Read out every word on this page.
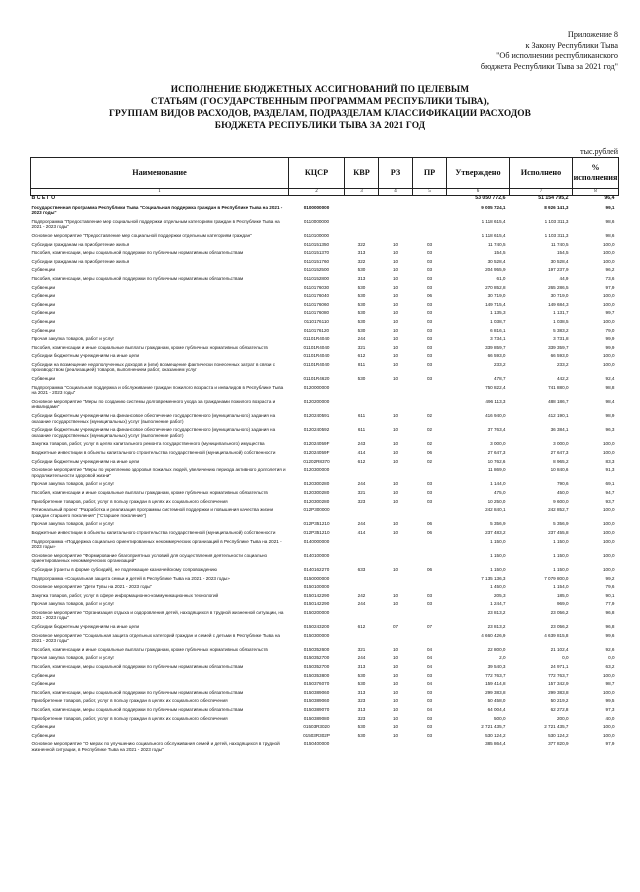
Приложение 8
к Закону Республики Тыва
"Об исполнении республиканского
бюджета Республики Тыва за 2021 год"
ИСПОЛНЕНИЕ БЮДЖЕТНЫХ АССИГНОВАНИЙ ПО ЦЕЛЕВЫМ
СТАТЬЯМ (ГОСУДАРСТВЕННЫМ ПРОГРАММАМ РЕСПУБЛИКИ ТЫВА),
ГРУППАМ ВИДОВ РАСХОДОВ, РАЗДЕЛАМ, ПОДРАЗДЕЛАМ КЛАССИФИКАЦИИ РАСХОДОВ
БЮДЖЕТА РЕСПУБЛИКИ ТЫВА ЗА 2021 ГОД
тыс.рублей
Наименование	КЦСР	КВР	РЗ	ПР	Утверждено	Исполнено	% исполнения
1	2	3	4	5	6	7	8
В С Е Г О					53 050 772,6	51 154 795,2	96,4

Государственная программа Республики Тыва "Социальная поддержка граждан в Республике Тыва на 2021 - 2023 годы"	0100000000				9 005 724,1	8 926 141,3	99,1

Подпрограмма "Предоставление мер социальной поддержки отдельным категориям граждан в Республике Тыва на 2021 - 2023 годы"	0110000000				1 118 615,4	1 103 311,3	98,6

Основное мероприятие "Предоставление мер социальной поддержки отдельным категориям граждан"	0110100000				1 118 615,4	1 103 311,3	98,6

Субсидии гражданам на приобретение жилья	0110151350	322	10	03	11 740,5	11 740,5	100,0

Пособия, компенсации, меры социальной поддержки по публичным нормативным обязательствам	0110151370	313	10	03	154,5	154,5	100,0

Субсидии гражданам на приобретение жилья	0110151760	322	10	03	30 528,4	30 528,4	100,0

Субвенции	0110152500	530	10	03	204 955,9	197 237,9	96,2

Пособия, компенсации, меры социальной поддержки по публичным нормативным обязательствам	0110152800	313	10	03	61,0	44,9	73,6

Субвенции	0110176030	530	10	03	270 852,8	265 286,5	97,9

Субвенции	0110176040	530	10	06	30 719,0	30 719,0	100,0

Субвенции	0110176060	530	10	03	149 715,4	149 684,3	100,0

Субвенции	0110176080	530	10	03	1 135,3	1 131,7	99,7

Субвенции	0110176110	530	10	03	1 038,7	1 038,5	100,0

Субвенции	0110176120	530	10	03	6 816,1	5 383,2	79,0

Прочая закупка товаров, работ и услуг	01101R4040	244	10	03	3 734,1	3 731,8	99,9

Пособия, компенсации и иные социальные выплаты гражданам, кроме публичных нормативных обязательств	01101R4040	321	10	03	339 859,7	339 359,7	99,9

Субсидии бюджетным учреждениям на иные цели	01101R4040	612	10	03	66 593,0	66 593,0	100,0

Субсидии на возмещение недополученных доходов и (или) возмещение фактически понесенных затрат в связи с производством (реализацией) товаров, выполнением работ, оказанием услуг	01101R4040	811	10	03	233,2	233,2	100,0

Субвенции	01101R4620	530	10	03	478,7	442,2	92,4

Подпрограмма "Социальная поддержка и обслуживание граждан пожилого возраста и инвалидов в Республике Тыва на 2021 - 2023 годы"	0120000000				750 822,4	741 880,0	98,8

Основное мероприятие "Меры по созданию системы долговременного ухода за гражданами пожилого возраста и инвалидами"	0120200000				496 113,3	488 186,7	98,4

Субсидии бюджетным учреждениям на финансовое обеспечение государственного (муниципального) задания на оказание государственных (муниципальных) услуг (выполнение работ)	0120240591	611	10	02	416 940,0	412 190,1	98,9

Субсидии бюджетным учреждениям на финансовое обеспечение государственного (муниципального) задания на оказание государственных (муниципальных) услуг (выполнение работ)	0120240592	611	10	02	37 763,4	36 384,1	96,3

Закупка товаров, работ, услуг в целях капитального ремонта государственного (муниципального) имущества	012024059F	243	10	02	3 000,0	3 000,0	100,0

Бюджетные инвестиции в объекты капитального строительства государственной (муниципальной) собственности	012024059F	414	10	06	27 647,3	27 647,3	100,0

Субсидии бюджетным учреждениям на иные цели	01202R8370	612	10	02	10 762,6	8 965,2	83,3

Основное мероприятие "Меры по укреплению здоровья пожилых людей, увеличению периода активного долголетия и продолжительности здоровой жизни"	0120300000				11 869,0	10 840,6	91,3

Прочая закупка товаров, работ и услуг	0120300280	244	10	03	1 144,0	790,6	69,1

Пособия, компенсации и иные социальные выплаты гражданам, кроме публичных нормативных обязательств	0120300280	321	10	03	475,0	450,0	94,7

Приобретение товаров, работ, услуг в пользу граждан в целях их социального обеспечения	0120300280	323	10	03	10 250,0	9 600,0	93,7

Региональный проект "Разработка и реализация программы системной поддержки и повышения качества жизни граждан старшего поколения" ("Старшее поколение")	012P300000				242 840,1	242 852,7	100,0

Прочая закупка товаров, работ и услуг	012P351210	244	10	06	5 356,9	5 356,9	100,0

Бюджетные инвестиции в объекты капитального строительства государственной (муниципальной) собственности	012P351210	414	10	06	237 483,2	237 455,8	100,0

Подпрограмма «Поддержка социально ориентированных некоммерческих организаций в Республике Тыва на 2021 - 2023 годы»	0140000000				1 150,0	1 150,0	100,0

Основное мероприятие "Формирование благоприятных условий для осуществления деятельности социально ориентированных некоммерческих организаций"	0140100000				1 150,0	1 150,0	100,0

Субсидии (гранты в форме субсидий), не подлежащие казначейскому сопровождению	0140162270	633	10	06	1 150,0	1 150,0	100,0

Подпрограмма «Социальная защита семьи и детей в Республике Тыва на 2021 - 2023 годы»	0150000000				7 135 136,3	7 079 800,0	99,2

Основное мероприятие "Дети Тувы на 2021 - 2023 годы"	0150100000				1 450,0	1 154,0	79,6

Закупка товаров, работ, услуг в сфере информационно-коммуникационных технологий	0150142290	242	10	03	205,3	185,0	90,1

Прочая закупка товаров, работ и услуг	0150142290	244	10	03	1 244,7	969,0	77,9

Основное мероприятие "Организация отдыха и оздоровления детей, находящихся в трудной жизненной ситуации, на 2021 - 2023 годы"	0150200000				23 813,2	23 056,2	96,8

Субсидии бюджетным учреждениям на иные цели	0150243200	612	07	07	23 813,2	23 056,2	96,8

Основное мероприятие "Социальная защита отдельных категорий граждан и семей с детьми в Республике Тыва на 2021 - 2023 годы"	0150300000				4 660 426,9	4 639 815,8	99,6

Пособия, компенсации и иные социальные выплаты гражданам, кроме публичных нормативных обязательств	0150352600	321	10	04	22 800,0	21 102,4	92,6

Прочая закупка товаров, работ и услуг	0150352700	244	10	04	2,0	0,0	0,0

Пособия, компенсации, меры социальной поддержки по публичным нормативным обязательствам	0150352700	313	10	04	39 540,3	24 971,1	63,2

Субвенции	0150353800	530	10	03	772 763,7	772 763,7	100,0

Субвенции	0150376070	530	10	04	159 414,8	157 342,9	98,7

Пособия, компенсации, меры социальной поддержки по публичным нормативным обязательствам	0150389060	313	10	03	299 383,8	299 383,8	100,0

Приобретение товаров, работ, услуг в пользу граждан в целях их социального обеспечения	0150389060	323	10	03	50 458,0	50 219,2	99,5

Пособия, компенсации, меры социальной поддержки по публичным нормативным обязательствам	0150389070	313	10	04	64 004,4	62 272,8	97,3

Приобретение товаров, работ, услуг в пользу граждан в целях их социального обеспечения	0150389080	323	10	03	500,0	200,0	40,0

Субвенции	01503R3020	530	10	03	2 721 435,7	2 721 435,7	100,0

Субвенции	01503R302P	530	10	03	530 124,2	530 124,2	100,0

Основное мероприятие "О мерах по улучшению социального обслуживания семей и детей, находящихся в трудной жизненной ситуации, в Республике Тыва на 2021 - 2023 годы"	0150400000				385 864,4	377 820,9	97,9
